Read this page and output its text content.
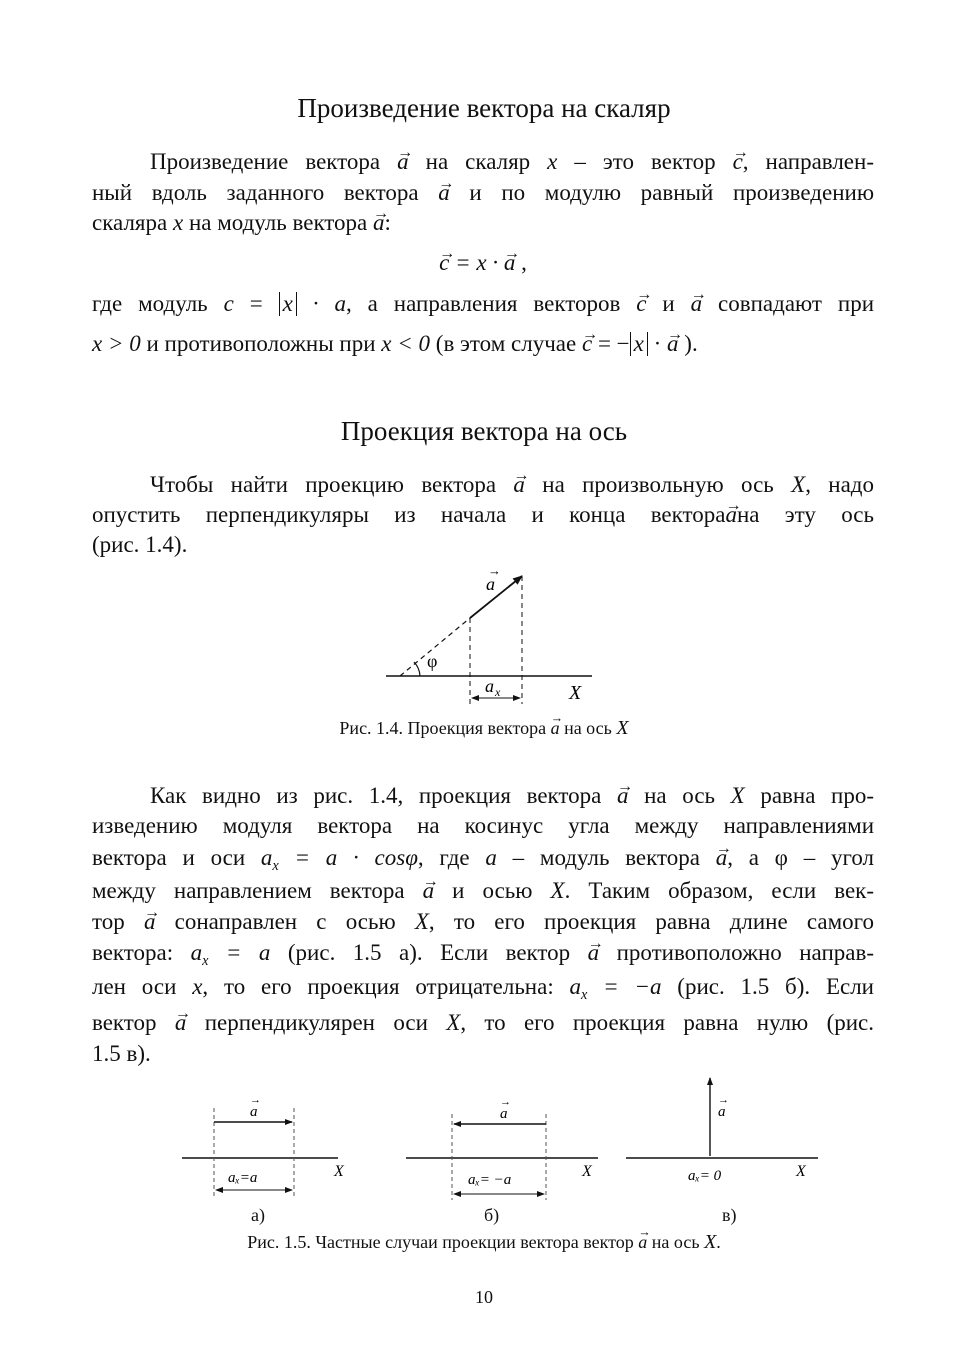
Произведение вектора на скаляр
Произведение вектора → a на скаляр x – это вектор → c, направлен-
ный вдоль заданного вектора → a и по модулю равный произведению
скаляра x на модуль вектора → a:
→ c = x · → a ,
где модуль c = x · a, а направления векторов → c и → a совпадают при
x > 0 и противоположны при x < 0 (в этом случае → c = − x · → a ).
Проекция вектора на ось
Чтобы найти проекцию вектора → a на произвольную ось X, надо
опустить перпендикуляры из начала и конца вектора→ aна эту ось
(рис. 1.4).
a
→
φ
a x	X
Рис. 1.4. Проекция вектора → a на ось X
Как видно из рис. 1.4, проекция вектора → a на ось X равна про-
изведению модуля вектора на косинус угла между направлениями
вектора и оси $a_x = a \cdot \cos\varphi$, где a – модуль вектора → a, а φ – угол
между направлением вектора → a и осью X. Таким образом, если век-
тор → a сонаправлен с осью X, то его проекция равна длине самого
вектора: $a_x = a$ (рис. 1.5 а). Если вектор → a противоположно направ-
лен оси x, то его проекция отрицательна: $a_x = -a$ (рис. 1.5 б). Если
вектор → a перпендикулярен оси X, то его проекция равна нулю (рис.
1.5 в).
a
→
aₓ=a	X
a
→
aₓ= −a	X
a
→
aₓ= 0	X
а)	б)	в)
Рис. 1.5. Частные случаи проекции вектора вектор → a на ось X.
10
